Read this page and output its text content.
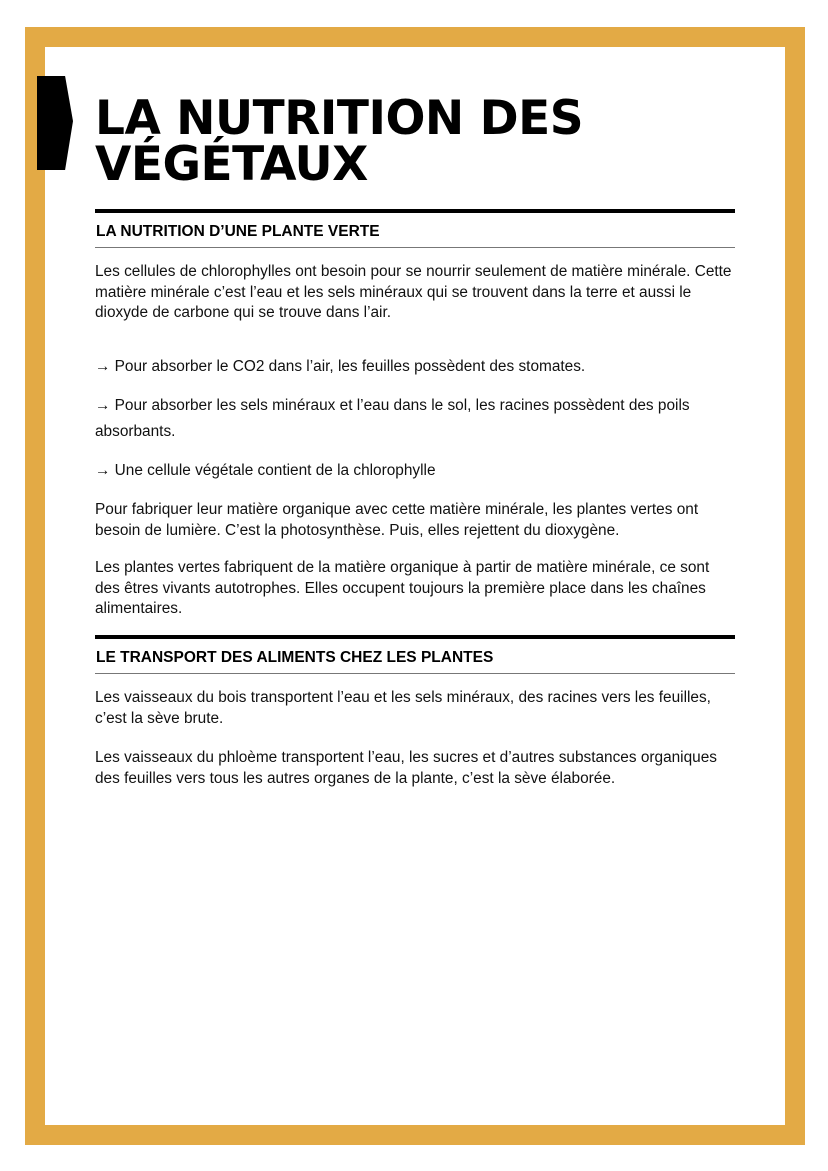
LA NUTRITION DES
VÉGÉTAUX
LA NUTRITION D’UNE PLANTE VERTE

Les cellules de chlorophylles ont besoin pour se nourrir seulement de matière minérale. Cette matière minérale c’est l’eau et les sels minéraux qui se trouvent dans la terre et aussi le dioxyde de carbone qui se trouve dans l’air.

→ Pour absorber le CO2 dans l’air, les feuilles possèdent des stomates.

→ Pour absorber les sels minéraux et l’eau dans le sol, les racines possèdent des poils absorbants.

→ Une cellule végétale contient de la chlorophylle

Pour fabriquer leur matière organique avec cette matière minérale, les plantes vertes ont besoin de lumière. C’est la photosynthèse. Puis, elles rejettent du dioxygène.

Les plantes vertes fabriquent de la matière organique à partir de matière minérale, ce sont des êtres vivants autotrophes. Elles occupent toujours la première place dans les chaînes alimentaires.

LE TRANSPORT DES ALIMENTS CHEZ LES PLANTES

Les vaisseaux du bois transportent l’eau et les sels minéraux, des racines vers les feuilles, c’est la sève brute.

Les vaisseaux du phloème transportent l’eau, les sucres et d’autres substances organiques des feuilles vers tous les autres organes de la plante, c’est la sève élaborée.
